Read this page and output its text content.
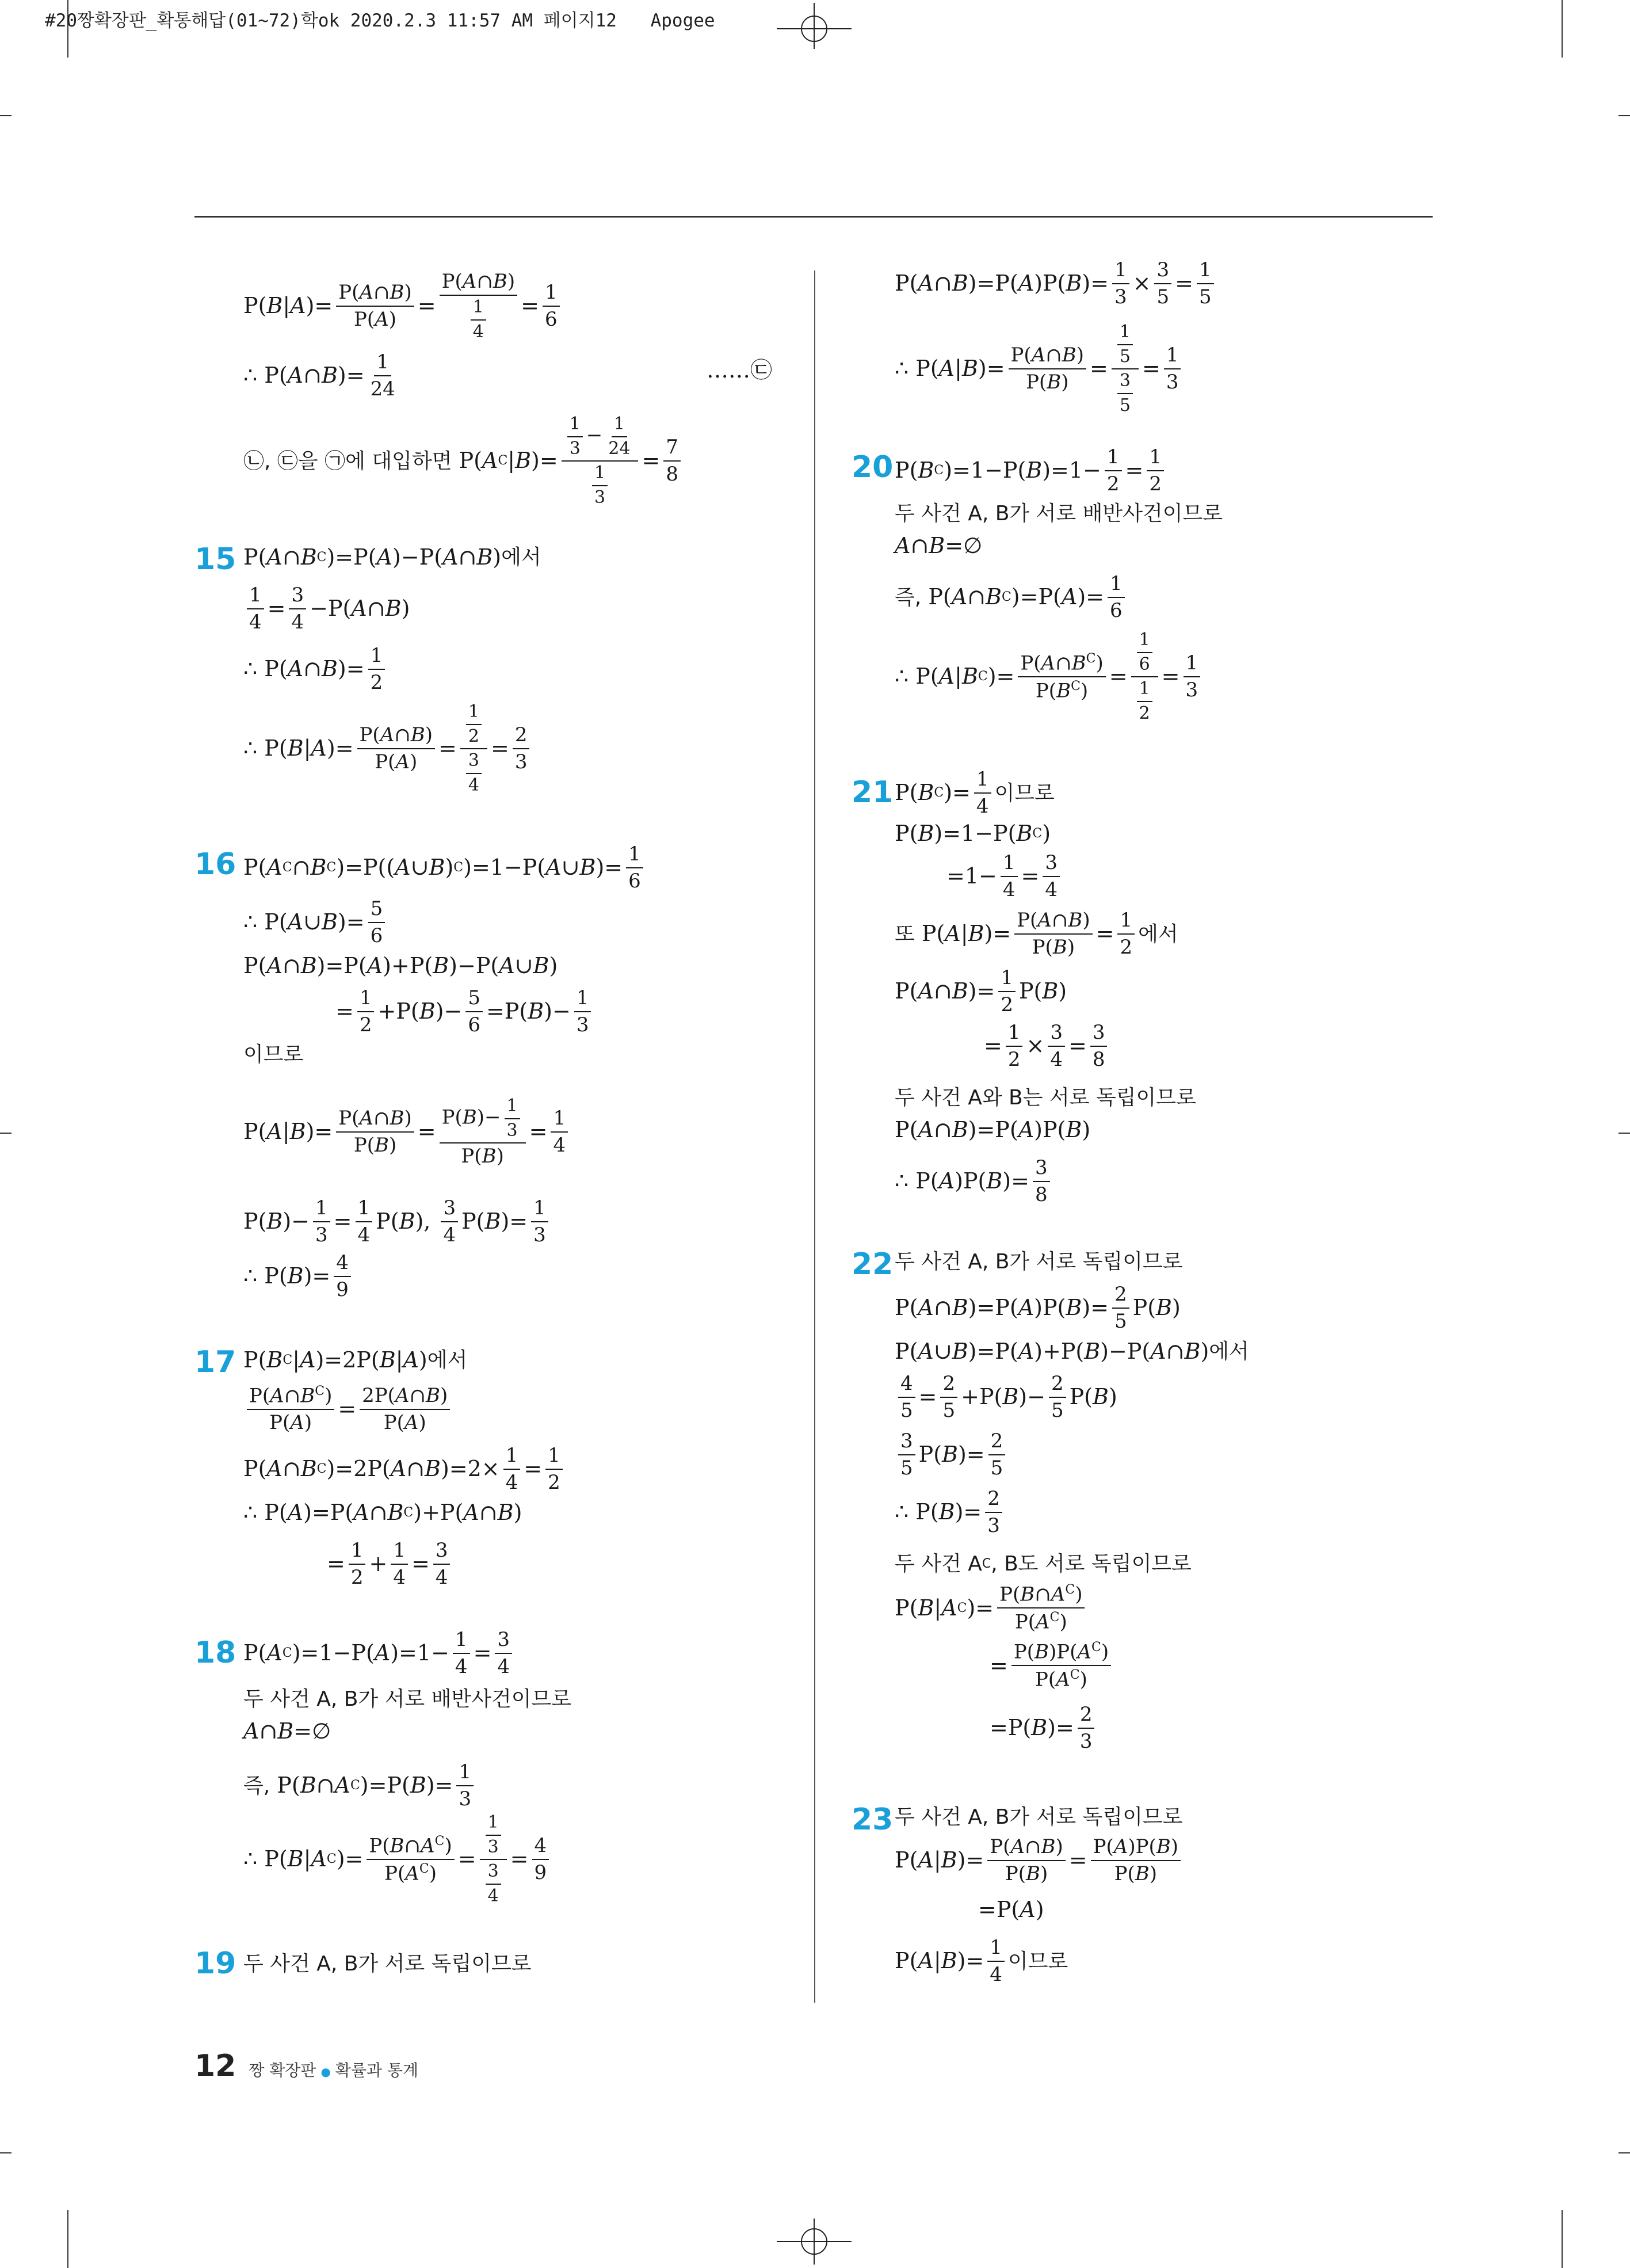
#20짱확장판_확통해답(01~72)학ok 2020.2.3 11:57 AM 페이지12 Apogee
P( B | A )= $\frac{P(A\cap B)}{P(A)} = \frac{P(A\cap B)}{\frac{1}{4}} = \frac{1}{6}$
∴ P( A ∩ B )= $\frac{1}{24}$	…… ㉢
㉡, ㉢을 ㉠에 대입하면 P( A C | B )= $\frac{\frac{1}{3} - \frac{1}{24}}{\frac{1}{3}} = \frac{7}{8}$
15 P( A ∩ B C )=P( A )−P( A ∩ B ) 에서
$\frac{1}{4} = \frac{3}{4} -P$( A ∩ B )
∴ P( A ∩ B )= $\frac{1}{2}$
∴ P( B | A )= $\frac{P(A\cap B)}{P(A)} = \frac{\frac{1}{2}}{\frac{3}{4}} = \frac{2}{3}$
16 P( A C ∩ B C )=P(( A ∪ B ) C )=1−P( A ∪ B )= $\frac{1}{6}$
∴ P( A ∪ B )= $\frac{5}{6}$
P( A ∩ B )=P( A )+P( B )−P( A ∪ B )
= $\frac{1}{2} +P$( B )− $\frac{5}{6} =P$( B )− $\frac{1}{3}$
이므로
P( A | B )= $\frac{P(A\cap B)}{P(B)} = \frac{P(B)- \frac{1}{3}}{P(B)} = \frac{1}{4}$
P( B )− $\frac{1}{3} = \frac{1}{4} P$( B ), $\frac{3}{4} P$( B )= $\frac{1}{3}$
∴ P( B )= $\frac{4}{9}$
17 P( B C | A )=2P( B | A ) 에서
$\frac{P(A\cap B^C)}{P(A)} = \frac{2P(A\cap B)}{P(A)}$
P( A ∩ B C )=2P( A ∩ B )$=2\times \frac{1}{4} = \frac{1}{2}$
∴ P( A )=P( A ∩ B C )+P( A ∩ B )
= $\frac{1}{2} + \frac{1}{4} = \frac{3}{4}$
18 P( A C )=1−P( A )$=1- \frac{1}{4} = \frac{3}{4}$
두 사건 A, B가 서로 배반사건이므로
A ∩ B =∅
즉, P( B ∩ A C )=P( B )= $\frac{1}{3}$
∴ P( B | A C )= $\frac{P(B\cap A^C)}{P(A^C)} = \frac{\frac{1}{3}}{\frac{3}{4}} = \frac{4}{9}$
19 두 사건 A, B가 서로 독립이므로
P( A ∩ B )=P( A )P( B )= $\frac{1}{3} \times \frac{3}{5} = \frac{1}{5}$
∴ P( A | B )= $\frac{P(A\cap B)}{P(B)} = \frac{\frac{1}{5}}{\frac{3}{5}} = \frac{1}{3}$
20 P( B C )=1−P( B )$=1- \frac{1}{2} = \frac{1}{2}$
두 사건 A, B가 서로 배반사건이므로
A ∩ B =∅
즉, P( A ∩ B C )=P( A )= $\frac{1}{6}$
∴ P( A | B C )= $\frac{P(A\cap B^C)}{P(B^C)} = \frac{\frac{1}{6}}{\frac{1}{2}} = \frac{1}{3}$
21 P( B C )= $\frac{1}{4}$ 이므로
P( B )=1−P( B C )
$=1- \frac{1}{4} = \frac{3}{4}$
또 P( A | B )= $\frac{P(A\cap B)}{P(B)} = \frac{1}{2}$ 에서
P( A ∩ B )= $\frac{1}{2} P$( B )
= $\frac{1}{2} \times \frac{3}{4} = \frac{3}{8}$
두 사건 A와 B는 서로 독립이므로
P( A ∩ B )=P( A )P( B )
∴ P( A )P( B )= $\frac{3}{8}$
22 두 사건 A, B가 서로 독립이므로
P( A ∩ B )=P( A )P( B )= $\frac{2}{5} P$( B )
P( A ∪ B )=P( A )+P( B )−P( A ∩ B ) 에서
$\frac{4}{5} = \frac{2}{5} +P$( B )− $\frac{2}{5} P$( B )
$\frac{3}{5} P$( B )= $\frac{2}{5}$
∴ P( B )= $\frac{2}{3}$
두 사건 A C , B도 서로 독립이므로
P( B | A C )= $\frac{P(B\cap A^C)}{P(A^C)}$
= $\frac{P(B)P(A^C)}{P(A^C)}$
=P( B )= $\frac{2}{3}$
23 두 사건 A, B가 서로 독립이므로
P( A | B )= $\frac{P(A\cap B)}{P(B)} = \frac{P(A)P(B)}{P(B)}$
=P( A )
P( A | B )= $\frac{1}{4}$ 이므로
12 짱 확장판 ● 확률과 통계
